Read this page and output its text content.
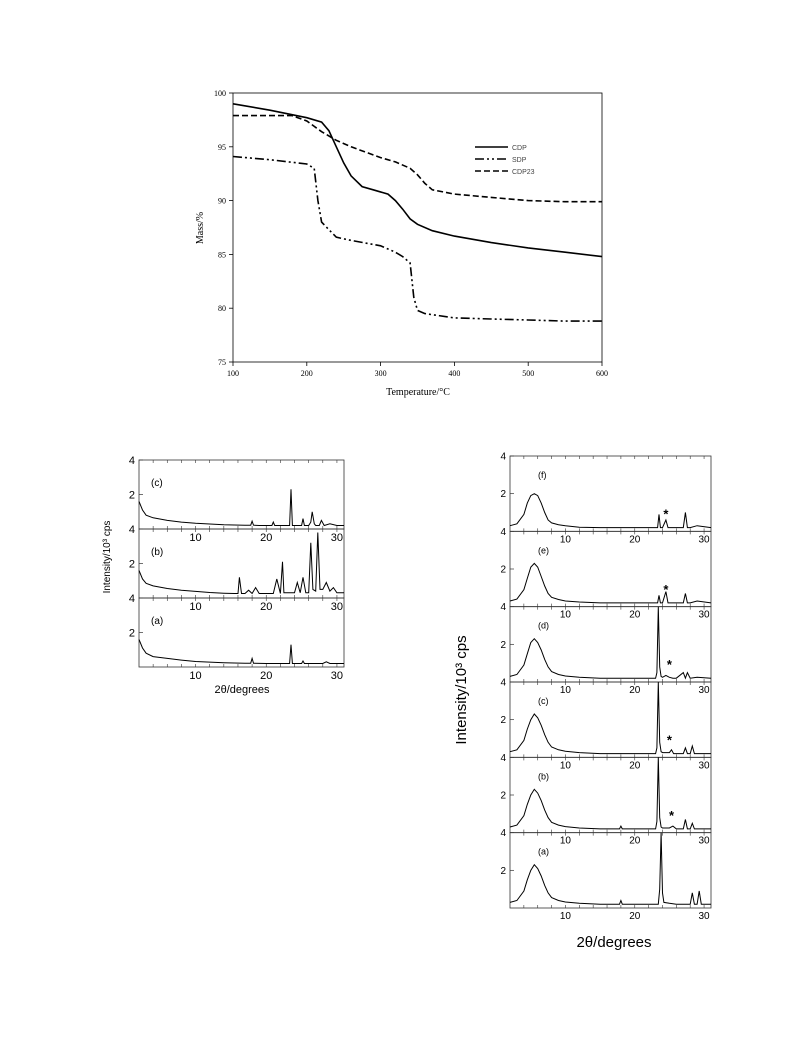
100	200	300	400	500	600
75
80
85
90
95
100
CDP
SDP
CDP23
Mass/%
Temperature/°C
2
4
10	20	30
(c)
2
4
10	20	30
(b)
2
4
10	20	30
(a)
Intensity/10³ cps
2θ/degrees
2
4
10	20	30
(f)
*
2
4
10	20	30
(e)
*
2
4
10	20	30
(d)
*
2
4
10	20	30
(c)
*
2
4
10	20	30
(b)
*
2
4
10	20	30
(a)
Intensity/10³ cps
2θ/degrees
